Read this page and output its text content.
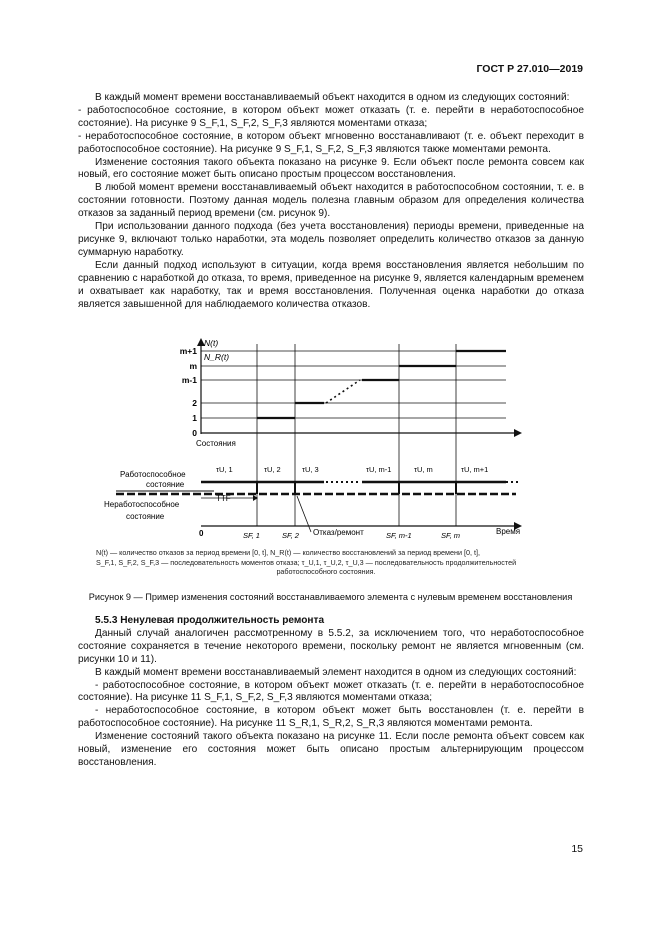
ГОСТ Р 27.010—2019

В каждый момент времени восстанавливаемый объект находится в одном из следующих состояний:

- работоспособное состояние, в котором объект может отказать (т. е. перейти в неработоспособное состояние). На рисунке 9 S_F,1, S_F,2, S_F,3 являются моментами отказа;

- неработоспособное состояние, в котором объект мгновенно восстанавливают (т. е. объект переходит в работоспособное состояние). На рисунке 9 S_F,1, S_F,2, S_F,3 являются также моментами ремонта.

Изменение состояния такого объекта показано на рисунке 9. Если объект после ремонта совсем как новый, его состояние может быть описано простым процессом восстановления.

В любой момент времени восстанавливаемый объект находится в работоспособном состоянии, т. е. в состоянии готовности. Поэтому данная модель полезна главным образом для определения количества отказов за заданный период времени (см. рисунок 9).

При использовании данного подхода (без учета восстановления) периоды времени, приведенные на рисунке 9, включают только наработки, эта модель позволяет определить количество отказов за данную суммарную наработку.

Если данный подход используют в ситуации, когда время восстановления является небольшим по сравнению с наработкой до отказа, то время, приведенное на рисунке 9, является календарным временем и охватывает как наработку, так и время восстановления. Полученная оценка наработки до отказа является завышенной для наблюдаемого количества отказов.

N(t)
N_R(t)
m+1
m
m-1
2
1
0
Состояния
Работоспособное
состояние
τU, 1	τU, 2	τU, 3	τU, m-1	τU, m	τU, m+1
Неработоспособное
состояние
TTF
0	Время
SF, 1	SF, 2	SF, m-1	SF, m
Отказ/ремонт

N(t) — количество отказов за период времени [0, t], N_R(t) — количество восстановлений за период времени [0, t],

S_F,1, S_F,2, S_F,3 — последовательность моментов отказа; τ_U,1, τ_U,2, τ_U,3 — последовательность продолжительностей

работоспособного состояния.

Рисунок 9 — Пример изменения состояний восстанавливаемого элемента с нулевым временем восстановления

5.5.3 Ненулевая продолжительность ремонта

Данный случай аналогичен рассмотренному в 5.5.2, за исключением того, что неработоспособное состояние сохраняется в течение некоторого времени, поскольку ремонт не является мгновенным (см. рисунки 10 и 11).

В каждый момент времени восстанавливаемый элемент находится в одном из следующих состояний:

- работоспособное состояние, в котором объект может отказать (т. е. перейти в неработоспособное состояние). На рисунке 11 S_F,1, S_F,2, S_F,3 являются моментами отказа;

- неработоспособное состояние, в котором объект может быть восстановлен (т. е. перейти в работоспособное состояние). На рисунке 11 S_R,1, S_R,2, S_R,3 являются моментами ремонта.

Изменение состояний такого объекта показано на рисунке 11. Если после ремонта объект совсем как новый, изменение его состояния может быть описано простым альтернирующим процессом восстановления.

15
